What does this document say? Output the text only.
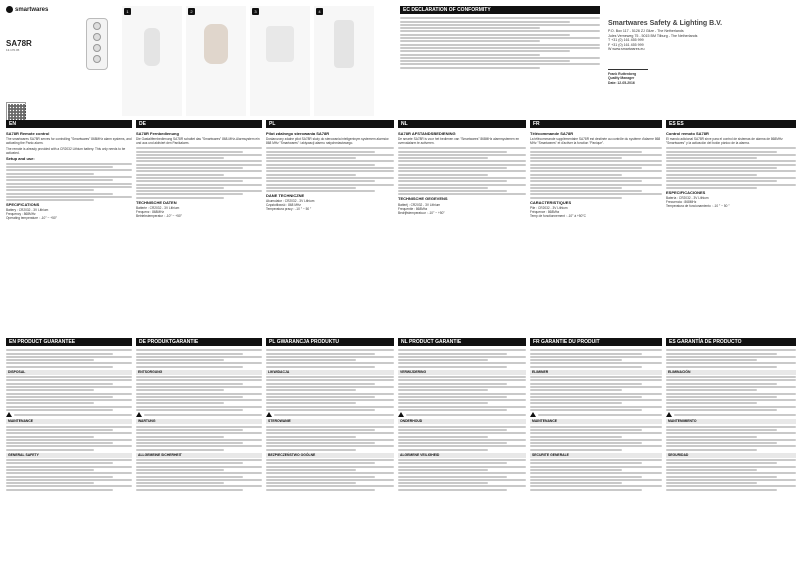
smartwares
SA78R
13.170.05
1	2	3	4	EC DECLARATION OF CONFORMITY
Smartwares Safety & Lighting B.V.
P.O. Box 117 - 5126 ZJ Gilze - The Netherlands
Jules Verneweg 75 - 5015 BM Tilburg - The Netherlands
T +31 (0) 161 455 999
F +31 (0) 161 455 999
W www.smartwares.eu
Frank Ruttenberg
Quality Manager
Date: 12-05-2016
EN	DE	PL	NL	FR	ES ES
SA78R Remote control

The smartwares SA78R serves for controlling "Smartwares" 868MHz alarm systems, and activating the Panic alarm.

The remote is already provided with a CR2032 Lithium battery. This only needs to be activated.

Setup and use:
SPECIFICATIONS
Battery : CR2032 - 3V Lithium
Frequency : 868MHz
Operating temperature : -10° ~ +50°
SA78R Fernbedienung

Die Gastaltfernbedienung SA78R schaltet das "Smartwares" 868-MHz-Alarmsystem ein und aus und aktiviert den Panikalarm.

TECHNISCHE DATEN
Batterie : CR2032 - 3V Lithium
Frequenz : 868MHz
Betriebstemperatur : -10° ~ +50°
Pilot zdalnego sterowania SA78R

Dostarczony zdalne pilot SA78R służy do sterowania inteligentnym systemem alarmów 868 MHz "Smartwares" i aktywacji alarmu natychmiastowego.

DANE TECHNICZNE
Akumulator : CR2032 - 3V Lithium
Częstotliwość : 868 MHz
Temperatura pracy : -10 ° ~ 50 °
SA78R AFSTANDSBEDIENING

De smarte SA78R is voor het bedienen van "Smartwares" 868MHz alarmsystemen en overvalalarm te activeren.

TECHNISCHE GEGEVENS
Batterij : CR2032 - 3V Lithium
Frequentie : 868Mhz
Bedrijfstemperatuur : -10° ~ +50°
Télécommande SA78R

La télécommande supplémentaire SA78R est destinée au contrôle du système d'alarme 868 MHz "Smartwares" et d'activer la fonction "Panique".

CARACTERISTIQUES
Pile : CR2032 - 3V Lithium
Fréquence : 868Mhz
Temp de fonctionnement : -10° à +50°C
Control remoto SA78R

El mando adicional SA78R sirve para el control de sistemas de alarma de 868MHz "Smartwares" y la activación del botón pánico de la alarma.

ESPECIFICACIONES
Batería : CR2032 - 3V Lithium
Frecuencia : 868MHz
Temperatura de funcionamiento : -10 ° ~ 50 °
EN PRODUCT GUARANTEE	DE PRODUKTGARANTIE	PL GWARANCJA PRODUKTU	NL PRODUCT GARANTIE	FR GARANTIE DU PRODUIT	ES GARANTÍA DE PRODUCTO
DISPOSAL
MAINTENANCE
GENERAL SAFETY
ENTSORGUNG
WARTUNG
ALLGEMEINE SICHERHEIT
LIKWIDACJA
STEROWANIE
BEZPIECZEŃSTWO OGÓLNE
VERWIJDERING
ONDERHOUD
ALGEMENE VEILIGHEID
ELIMINER
MAINTENANCE
SECURITE GENERALE
ELIMINACIÓN
MANTENIMIENTO
SEGURIDAD
